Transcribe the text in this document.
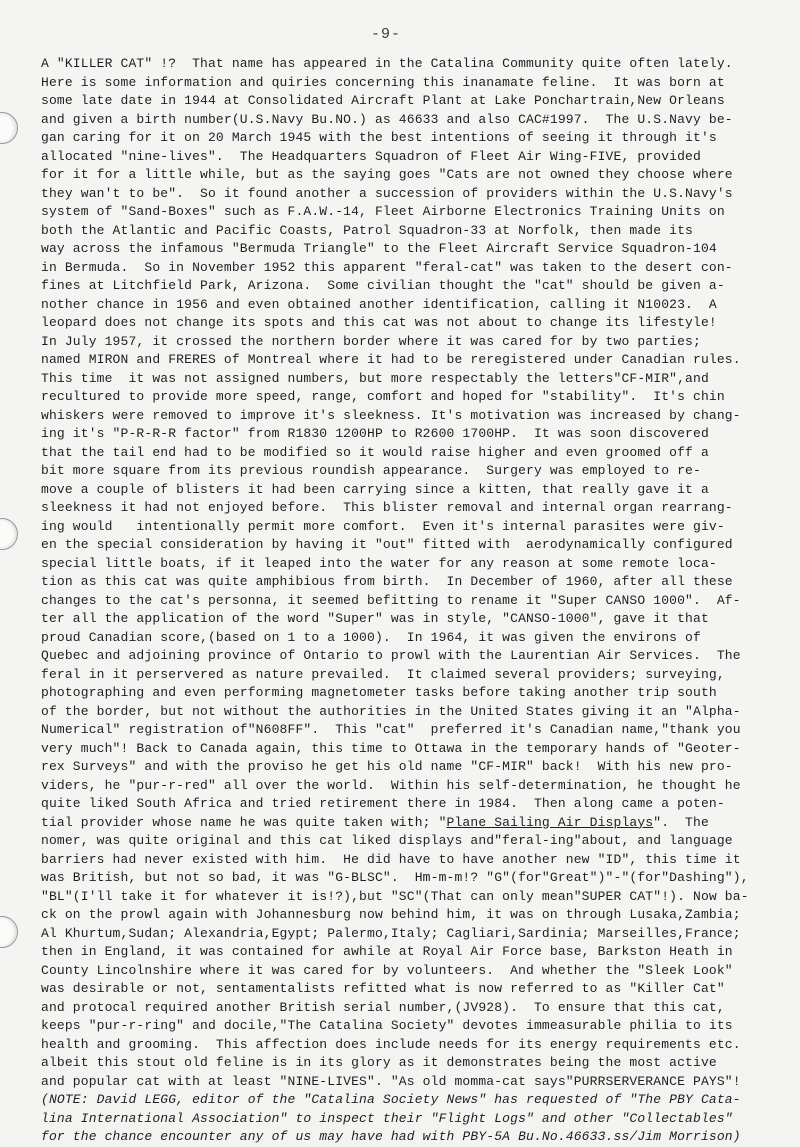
-9-
A "KILLER CAT" !?  That name has appeared in the Catalina Community quite often lately.
Here is some information and quiries concerning this inanamate feline.  It was born at
some late date in 1944 at Consolidated Aircraft Plant at Lake Ponchartrain,New Orleans
and given a birth number(U.S.Navy Bu.NO.) as 46633 and also CAC#1997.  The U.S.Navy be-
gan caring for it on 20 March 1945 with the best intentions of seeing it through it's
allocated "nine-lives".  The Headquarters Squadron of Fleet Air Wing-FIVE, provided
for it for a little while, but as the saying goes "Cats are not owned they choose where
they wan't to be".  So it found another a succession of providers within the U.S.Navy's
system of "Sand-Boxes" such as F.A.W.-14, Fleet Airborne Electronics Training Units on
both the Atlantic and Pacific Coasts, Patrol Squadron-33 at Norfolk, then made its
way across the infamous "Bermuda Triangle" to the Fleet Aircraft Service Squadron-104
in Bermuda.  So in November 1952 this apparent "feral-cat" was taken to the desert con-
fines at Litchfield Park, Arizona.  Some civilian thought the "cat" should be given a-
nother chance in 1956 and even obtained another identification, calling it N10023.  A
leopard does not change its spots and this cat was not about to change its lifestyle!
In July 1957, it crossed the northern border where it was cared for by two parties;
named MIRON and FRERES of Montreal where it had to be reregistered under Canadian rules.
This time  it was not assigned numbers, but more respectably the letters"CF-MIR",and
recultured to provide more speed, range, comfort and hoped for "stability".  It's chin
whiskers were removed to improve it's sleekness. It's motivation was increased by chang-
ing it's "P-R-R-R factor" from R1830 1200HP to R2600 1700HP.  It was soon discovered
that the tail end had to be modified so it would raise higher and even groomed off a
bit more square from its previous roundish appearance.  Surgery was employed to re-
move a couple of blisters it had been carrying since a kitten, that really gave it a
sleekness it had not enjoyed before.  This blister removal and internal organ rearrang-
ing would   intentionally permit more comfort.  Even it's internal parasites were giv-
en the special consideration by having it "out" fitted with  aerodynamically configured
special little boats, if it leaped into the water for any reason at some remote loca-
tion as this cat was quite amphibious from birth.  In December of 1960, after all these
changes to the cat's personna, it seemed befitting to rename it "Super CANSO 1000".  Af-
ter all the application of the word "Super" was in style, "CANSO-1000", gave it that
proud Canadian score,(based on 1 to a 1000).  In 1964, it was given the environs of
Quebec and adjoining province of Ontario to prowl with the Laurentian Air Services.  The
feral in it perservered as nature prevailed.  It claimed several providers; surveying,
photographing and even performing magnetometer tasks before taking another trip south
of the border, but not without the authorities in the United States giving it an "Alpha-
Numerical" registration of"N608FF".  This "cat"  preferred it's Canadian name,"thank you
very much"! Back to Canada again, this time to Ottawa in the temporary hands of "Geoter-
rex Surveys" and with the proviso he get his old name "CF-MIR" back!  With his new pro-
viders, he "pur-r-red" all over the world.  Within his self-determination, he thought he
quite liked South Africa and tried retirement there in 1984.  Then along came a poten-
tial provider whose name he was quite taken with; "Plane Sailing Air Displays".  The
nomer, was quite original and this cat liked displays and"feral-ing"about, and language
barriers had never existed with him.  He did have to have another new "ID", this time it
was British, but not so bad, it was "G-BLSC".  Hm-m-m!? "G"(for"Great")"-"(for"Dashing"),
"BL"(I'll take it for whatever it is!?),but "SC"(That can only mean"SUPER CAT"!). Now ba-
ck on the prowl again with Johannesburg now behind him, it was on through Lusaka,Zambia;
Al Khurtum,Sudan; Alexandria,Egypt; Palermo,Italy; Cagliari,Sardinia; Marseilles,France;
then in England, it was contained for awhile at Royal Air Force base, Barkston Heath in
County Lincolnshire where it was cared for by volunteers.  And whether the "Sleek Look"
was desirable or not, sentamentalists refitted what is now referred to as "Killer Cat"
and protocal required another British serial number,(JV928).  To ensure that this cat,
keeps "pur-r-ring" and docile,"The Catalina Society" devotes immeasurable philia to its
health and grooming.  This affection does include needs for its energy requirements etc.
albeit this stout old feline is in its glory as it demonstrates being the most active
and popular cat with at least "NINE-LIVES". "As old momma-cat says"PURRSERVERANCE PAYS"!
(NOTE: David LEGG, editor of the "Catalina Society News" has requested of "The PBY Cata-
lina International Association" to inspect their "Flight Logs" and other "Collectables"
for the chance encounter any of us may have had with PBY-5A Bu.No.46633.ss/Jim Morrison)
